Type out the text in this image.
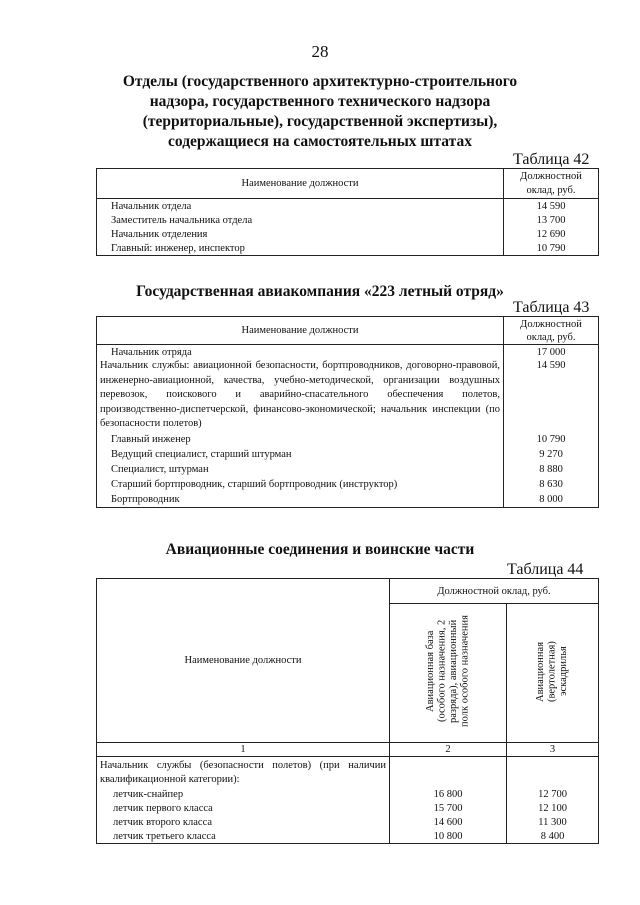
28
Отделы (государственного архитектурно-строительного
надзора, государственного технического надзора
(территориальные), государственной экспертизы),
содержащиеся на самостоятельных штатах
Таблица 42
Наименование должности	Должностной
оклад, руб.

Начальник отдела	14 590
Заместитель начальника отдела	13 700
Начальник отделения	12 690
Главный: инженер, инспектор	10 790
Государственная авиакомпания «223 летный отряд»
Таблица 43
Наименование должности	Должностной
оклад, руб.

Начальник отряда	17 000
Начальник службы: авиационной безопасности, бортпроводников, договорно-правовой, инженерно-авиационной, качества, учебно-методической, организации воздушных перевозок, поискового и аварийно-спасательного обеспечения полетов, производственно-диспетчерской, финансово-экономической; начальник инспекции (по безопасности полетов)	14 590
Главный инженер	10 790
Ведущий специалист, старший штурман	9 270
Специалист, штурман	8 880
Старший бортпроводник, старший бортпроводник (инструктор)	8 630
Бортпроводник	8 000
Авиационные соединения и воинские части
Таблица 44
Наименование должности	Должностной оклад, руб.	
	Авиационная база (особого назначения, 2 разряда), авиационный полк особого назначения	Авиационная (вертолетная) эскадрилья
1	2	3
Начальник службы (безопасности полетов) (при наличии квалификационной категории):		
летчик-снайпер	16 800	12 700
летчик первого класса	15 700	12 100
летчик второго класса	14 600	11 300
летчик третьего класса	10 800	8 400
